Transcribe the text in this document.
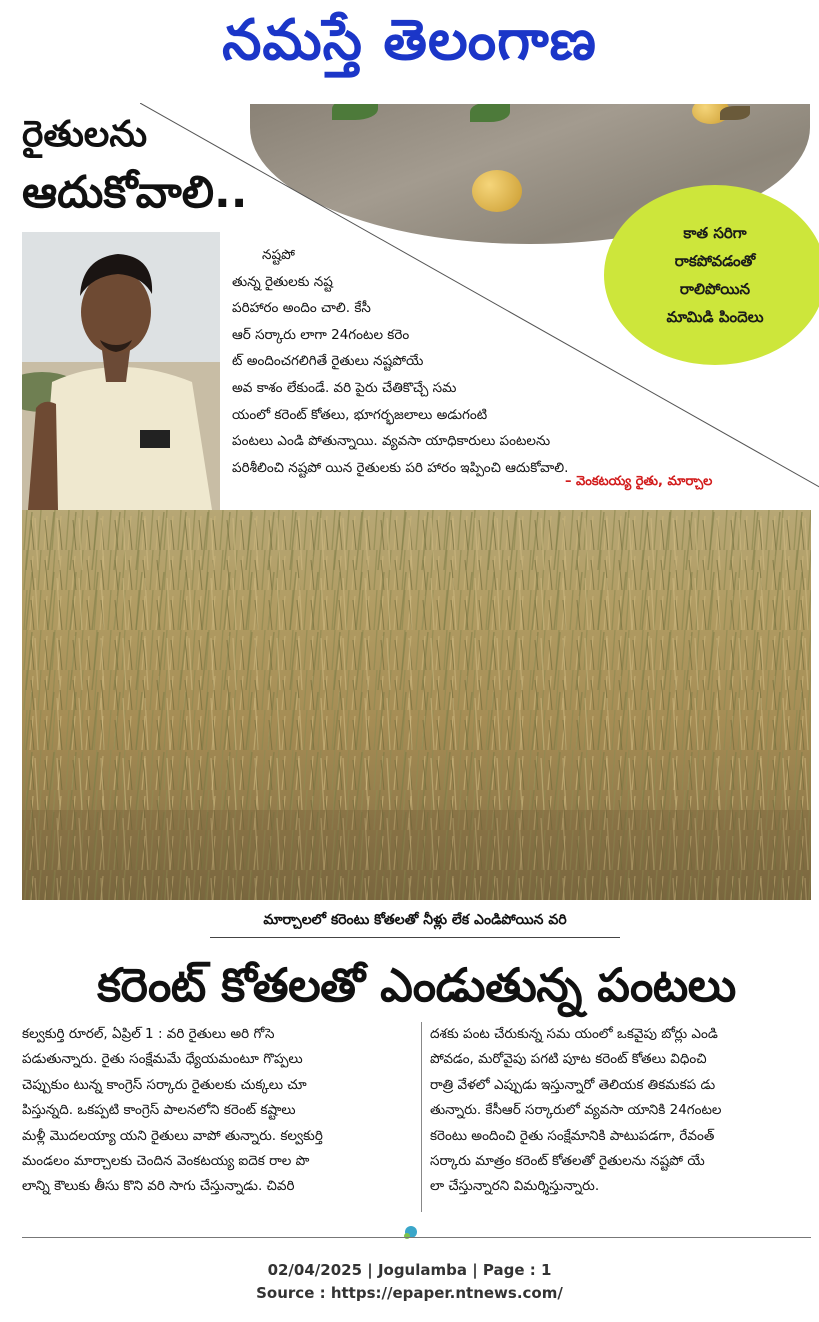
నమస్తే తెలంగాణ
రైతులను
ఆదుకోవాలి..
కాత సరిగా
రాకపోవడంతో
రాలిపోయిన
మామిడి పిందెలు
నష్టపో
తున్న రైతులకు నష్ట
పరిహారం అందిం చాలి. కేసీ
ఆర్ సర్కారు లాగా 24గంటల కరెం
ట్ అందించగలిగితే రైతులు నష్టపోయే
అవ కాశం లేకుండే. వరి పైరు చేతికొచ్చే సమ
యంలో కరెంట్ కోతలు, భూగర్భజలాలు అడుగంటి
పంటలు ఎండి పోతున్నాయి. వ్యవసా యాధికారులు పంటలను
పరిశీలించి నష్టపో యిన రైతులకు పరి హారం ఇప్పించి ఆదుకోవాలి.
– వెంకటయ్య రైతు, మార్చాల
మార్చాలలో కరెంటు కోతలతో నీళ్లు లేక ఎండిపోయిన వరి
కరెంట్ కోతలతో ఎండుతున్న పంటలు
కల్వకుర్తి రూరల్, ఏప్రిల్ 1 : వరి రైతులు అరి గోసె
పడుతున్నారు. రైతు సంక్షేమమే ధ్యేయమంటూ గొప్పలు
చెప్పుకుం టున్న కాంగ్రెస్ సర్కారు రైతులకు చుక్కలు చూ
పిస్తున్నది. ఒకప్పటి కాంగ్రెస్ పాలనలోని కరెంట్ కష్టాలు
మళ్లీ మొదలయ్యా యని రైతులు వాపో తున్నారు. కల్వకుర్తి
మండలం మార్చాలకు చెందిన వెంకటయ్య ఐదెక రాల పొ
లాన్ని కౌలుకు తీసు కొని వరి సాగు చేస్తున్నాడు. చివరి
దశకు పంట చేరుకున్న సమ యంలో ఒకవైపు బోర్లు ఎండి
పోవడం, మరోవైపు పగటి పూట కరెంట్ కోతలు విధించి
రాత్రి వేళలో ఎప్పుడు ఇస్తున్నారో తెలియక తికమకప డు
తున్నారు. కేసీఆర్ సర్కారులో వ్యవసా యానికి 24గంటల
కరెంటు అందించి రైతు సంక్షేమానికి పాటుపడగా, రేవంత్
సర్కారు మాత్రం కరెంట్ కోతలతో రైతులను నష్టపో యే
లా చేస్తున్నారని విమర్శిస్తున్నారు.
02/04/2025 | Jogulamba | Page : 1
Source : https://epaper.ntnews.com/
